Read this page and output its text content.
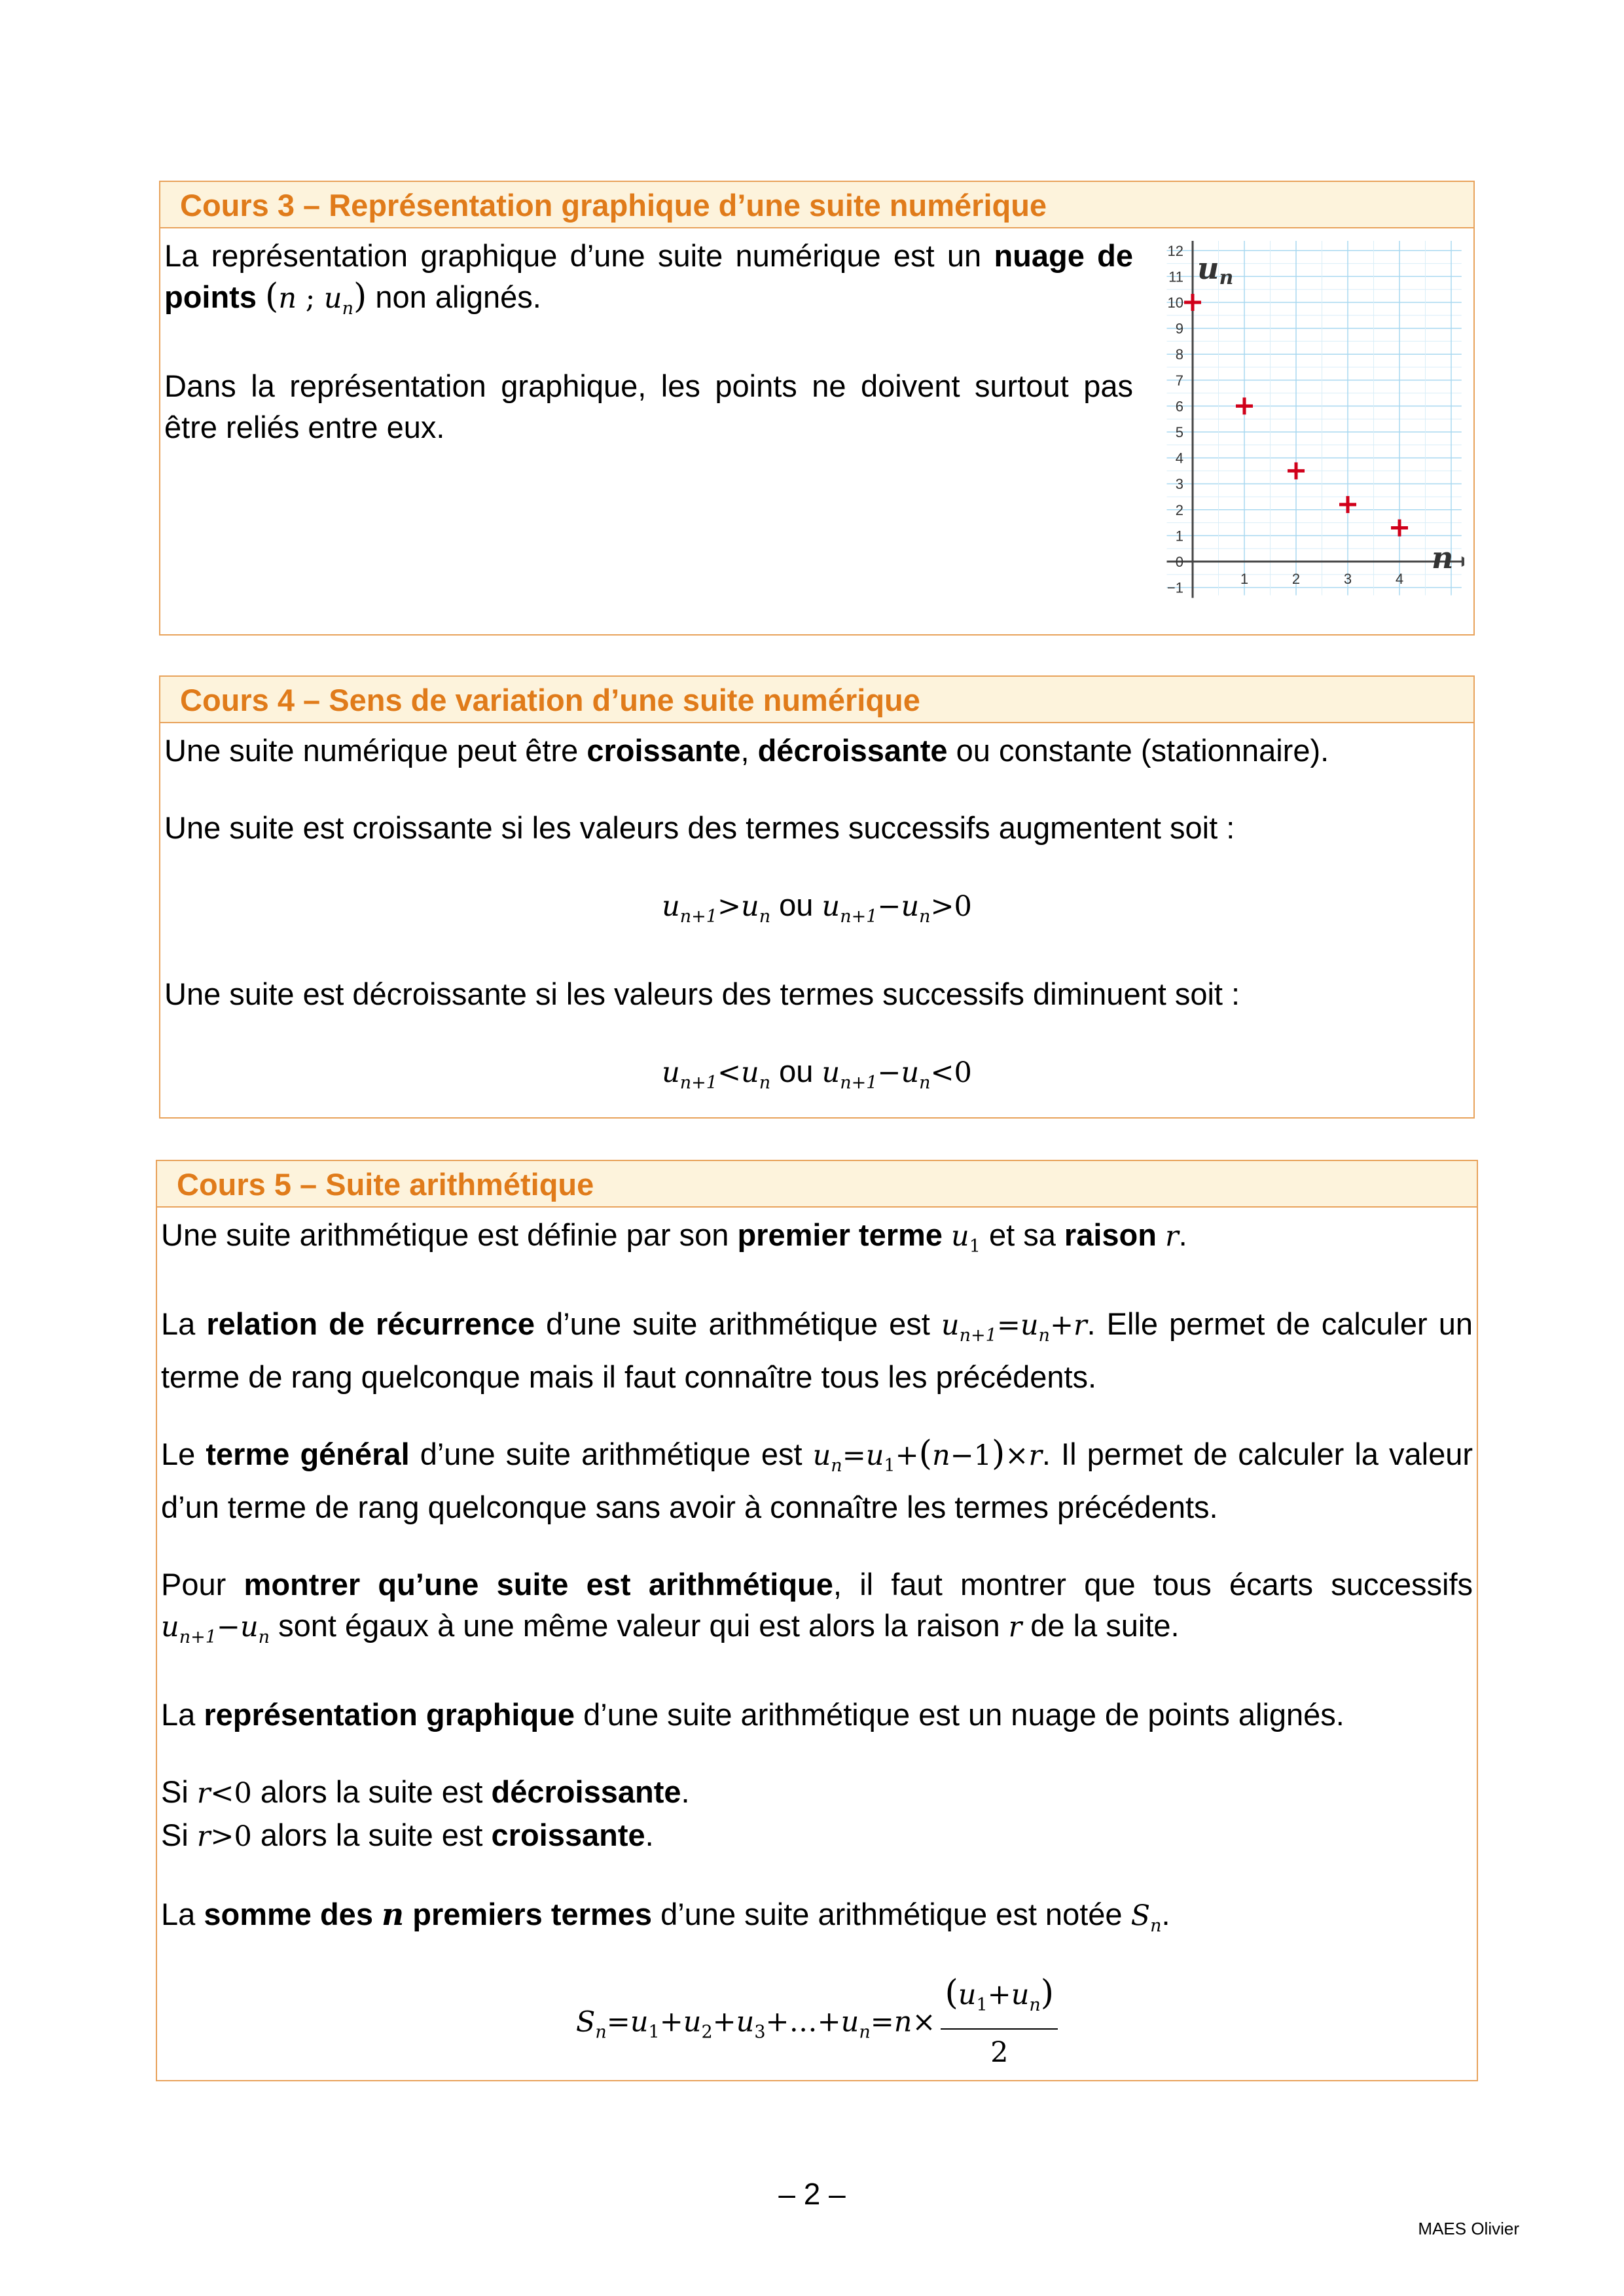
Cours 3 – Représentation graphique d’une suite numérique

La représentation graphique d’une suite numérique est un nuage de points (n ; $u_n$) non alignés.

Dans la représentation graphique, les points ne doivent surtout pas être reliés entre eux.

12
11
10
9
8
7
6
5
4
3
2
1
0
−1
1	2	3	4
un
n
Cours 4 – Sens de variation d’une suite numérique

Une suite numérique peut être croissante, décroissante ou constante (stationnaire).

Une suite est croissante si les valeurs des termes successifs augmentent soit :

$u_{n+1}>u_n$ ou $u_{n+1}-u_n>0$

Une suite est décroissante si les valeurs des termes successifs diminuent soit :

$u_{n+1}<u_n$ ou $u_{n+1}-u_n<0$

Cours 5 – Suite arithmétique

Une suite arithmétique est définie par son premier terme $u_1$ et sa raison r.

La relation de récurrence d’une suite arithmétique est $u_{n+1}=u_n+r$. Elle permet de calculer un terme de rang quelconque mais il faut connaître tous les précédents.

Le terme général d’une suite arithmétique est $u_n=u_1+(n-1)\times r$. Il permet de calculer la valeur d’un terme de rang quelconque sans avoir à connaître les termes précédents.

Pour montrer qu’une suite est arithmétique, il faut montrer que tous écarts successifs $u_{n+1}-u_n$ sont égaux à une même valeur qui est alors la raison r de la suite.

La représentation graphique d’une suite arithmétique est un nuage de points alignés.

Si r<0 alors la suite est décroissante.

Si r>0 alors la suite est croissante.

La somme des n premiers termes d’une suite arithmétique est notée $S_n$.

$S_n=u_1+u_2+u_3+\dots+u_n=n\times \frac{(u_1+u_n)}{2}$

– 2 –
MAES Olivier
